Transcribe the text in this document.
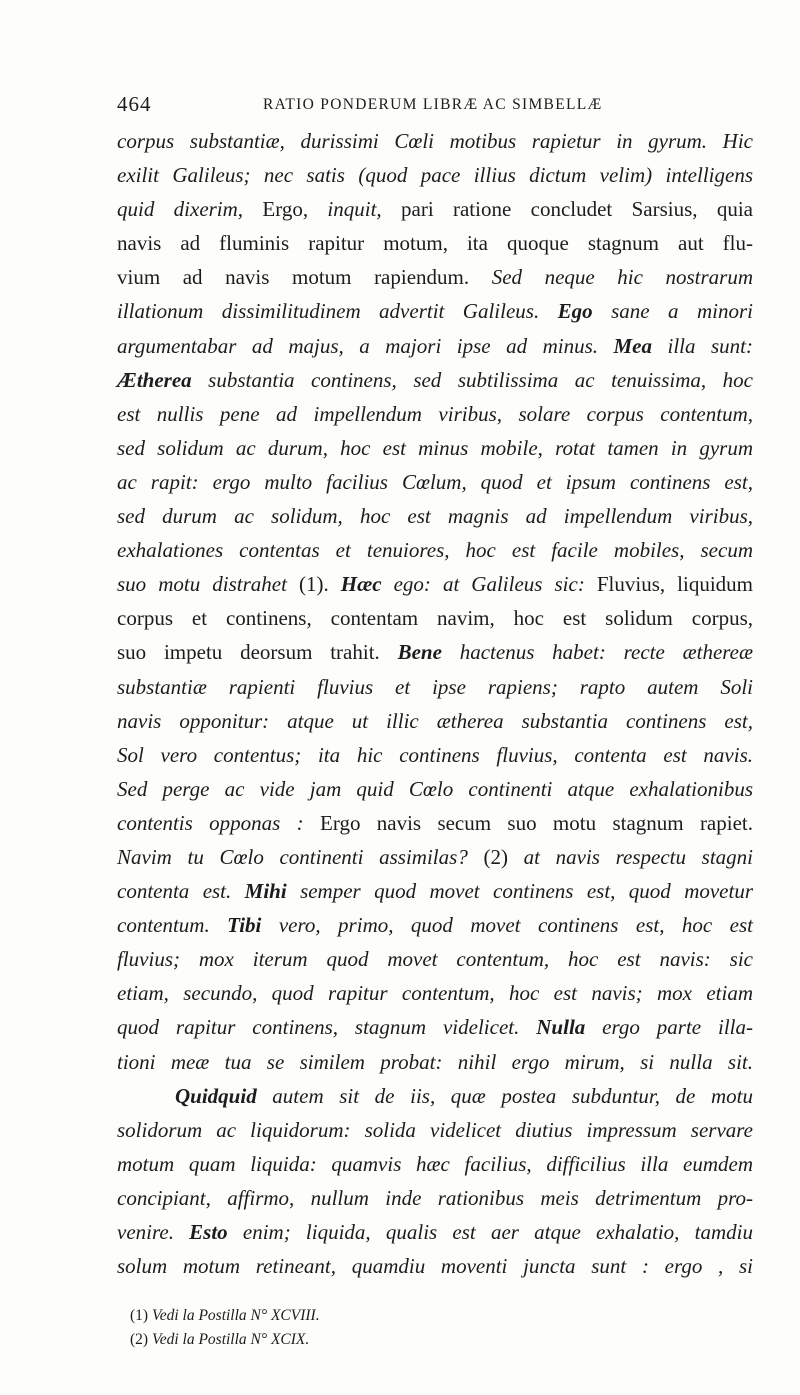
464	RATIO PONDERUM LIBRÆ AC SIMBELLÆ
corpus substantiæ, durissimi Cœli motibus rapietur in gyrum. Hic
exilit Galileus; nec satis (quod pace illius dictum velim) intelligens
quid dixerim, Ergo, inquit, pari ratione concludet Sarsius, quia
navis ad fluminis rapitur motum, ita quoque stagnum aut flu-
vium ad navis motum rapiendum. Sed neque hic nostrarum
illationum dissimilitudinem advertit Galileus. Ego sane a minori
argumentabar ad majus, a majori ipse ad minus. Mea illa sunt:
Ætherea substantia continens, sed subtilissima ac tenuissima, hoc
est nullis pene ad impellendum viribus, solare corpus contentum,
sed solidum ac durum, hoc est minus mobile, rotat tamen in gyrum
ac rapit: ergo multo facilius Cœlum, quod et ipsum continens est,
sed durum ac solidum, hoc est magnis ad impellendum viribus,
exhalationes contentas et tenuiores, hoc est facile mobiles, secum
suo motu distrahet (1). Hæc ego: at Galileus sic: Fluvius, liquidum
corpus et continens, contentam navim, hoc est solidum corpus,
suo impetu deorsum trahit. Bene hactenus habet: recte æthereæ
substantiæ rapienti fluvius et ipse rapiens; rapto autem Soli
navis opponitur: atque ut illic ætherea substantia continens est,
Sol vero contentus; ita hic continens fluvius, contenta est navis.
Sed perge ac vide jam quid Cœlo continenti atque exhalationibus
contentis opponas : Ergo navis secum suo motu stagnum rapiet.
Navim tu Cœlo continenti assimilas? (2) at navis respectu stagni
contenta est. Mihi semper quod movet continens est, quod movetur
contentum. Tibi vero, primo, quod movet continens est, hoc est
fluvius; mox iterum quod movet contentum, hoc est navis: sic
etiam, secundo, quod rapitur contentum, hoc est navis; mox etiam
quod rapitur continens, stagnum videlicet. Nulla ergo parte illa-
tioni meæ tua se similem probat: nihil ergo mirum, si nulla sit.
Quidquid autem sit de iis, quæ postea subduntur, de motu
solidorum ac liquidorum: solida videlicet diutius impressum servare
motum quam liquida: quamvis hæc facilius, difficilius illa eumdem
concipiant, affirmo, nullum inde rationibus meis detrimentum pro-
venire. Esto enim; liquida, qualis est aer atque exhalatio, tamdiu
solum motum retineant, quamdiu moventi juncta sunt : ergo , si
(1) Vedi la Postilla N° XCVIII.
(2) Vedi la Postilla N° XCIX.
